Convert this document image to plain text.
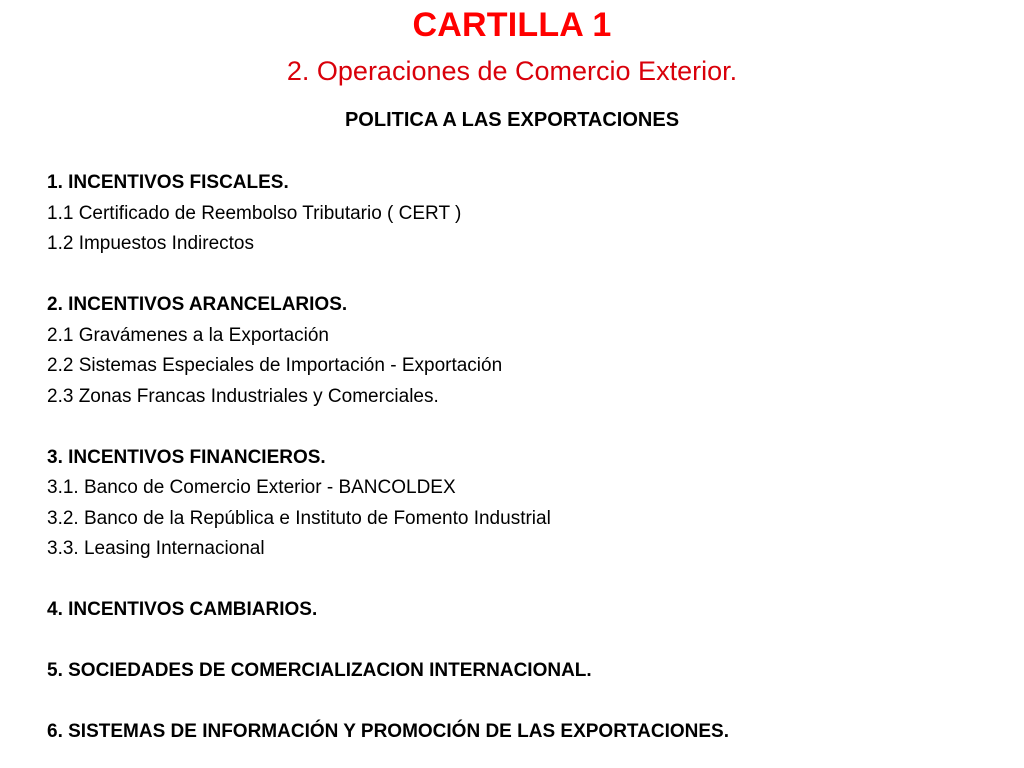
CARTILLA 1
2. Operaciones de Comercio Exterior.
POLITICA A LAS EXPORTACIONES
1. INCENTIVOS FISCALES.
1.1 Certificado de Reembolso Tributario ( CERT )
1.2 Impuestos Indirectos
2. INCENTIVOS ARANCELARIOS.
2.1 Gravámenes a la Exportación
2.2 Sistemas Especiales de Importación - Exportación
2.3 Zonas Francas Industriales y Comerciales.
3. INCENTIVOS FINANCIEROS.
3.1. Banco de Comercio Exterior - BANCOLDEX
3.2. Banco de la República e Instituto de Fomento Industrial
3.3. Leasing Internacional
4. INCENTIVOS CAMBIARIOS.
5. SOCIEDADES DE COMERCIALIZACION INTERNACIONAL.
6. SISTEMAS DE INFORMACIÓN Y PROMOCIÓN DE LAS EXPORTACIONES.
